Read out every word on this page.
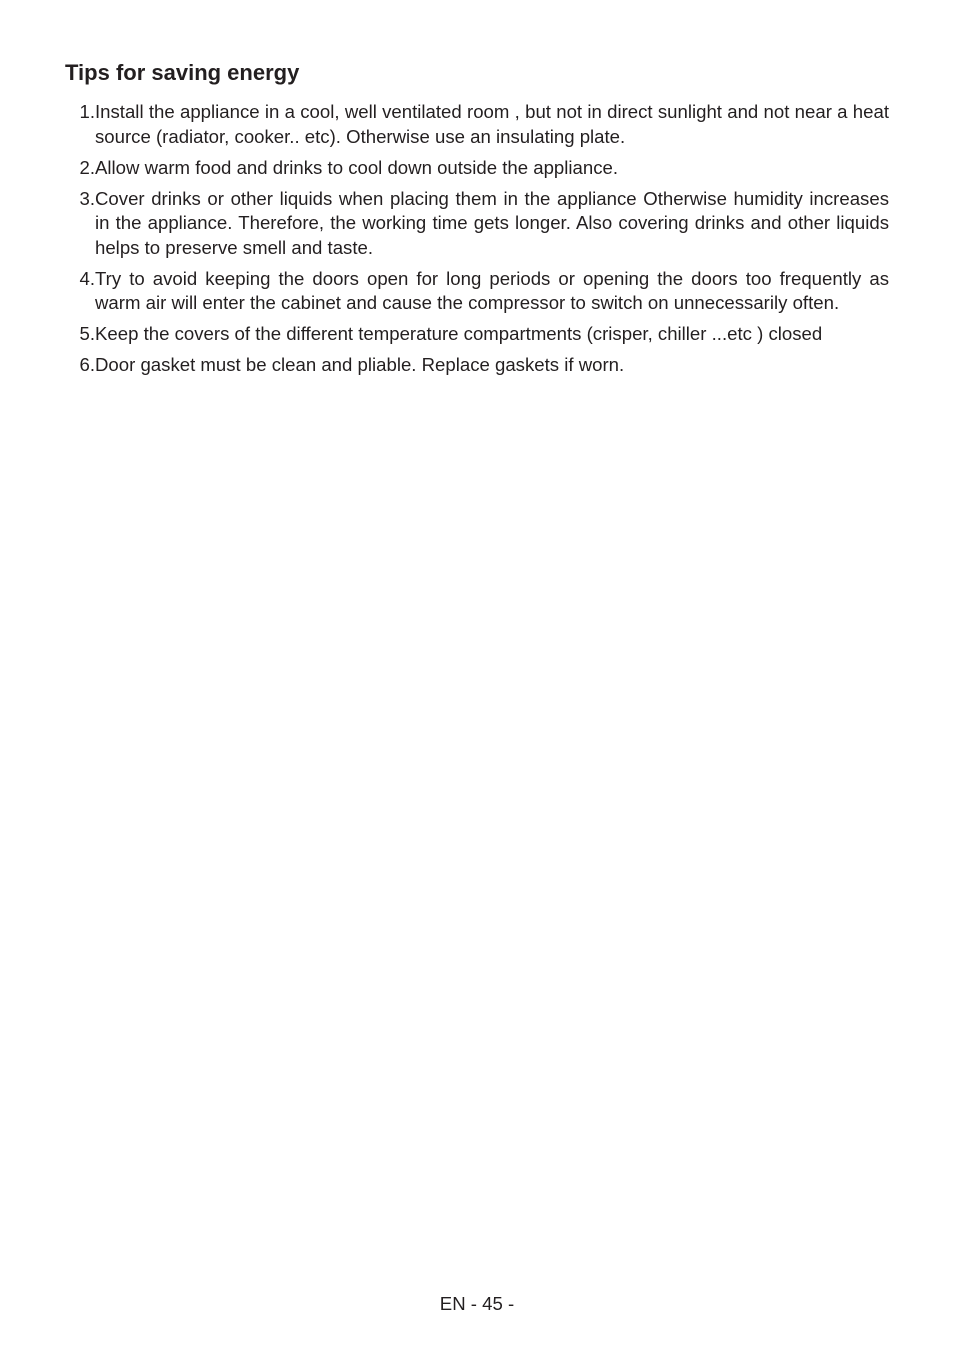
Tips for saving energy
1. Install the appliance in a cool, well ventilated room , but not in direct sunlight and not near a heat source (radiator, cooker.. etc). Otherwise use an insulating plate.
2. Allow warm food and drinks to cool down outside the appliance.
3. Cover drinks or other liquids when placing them in the appliance Otherwise humidity increases in the appliance. Therefore, the working time gets longer. Also covering drinks and other liquids helps to preserve smell and taste.
4. Try to avoid keeping the doors open for long periods or opening the doors too frequently as warm air will enter the cabinet and cause the compressor to switch on unnecessarily often.
5. Keep the covers of the different temperature compartments (crisper, chiller ...etc ) closed
6. Door gasket must be clean and pliable. Replace gaskets if worn.
EN - 45 -
